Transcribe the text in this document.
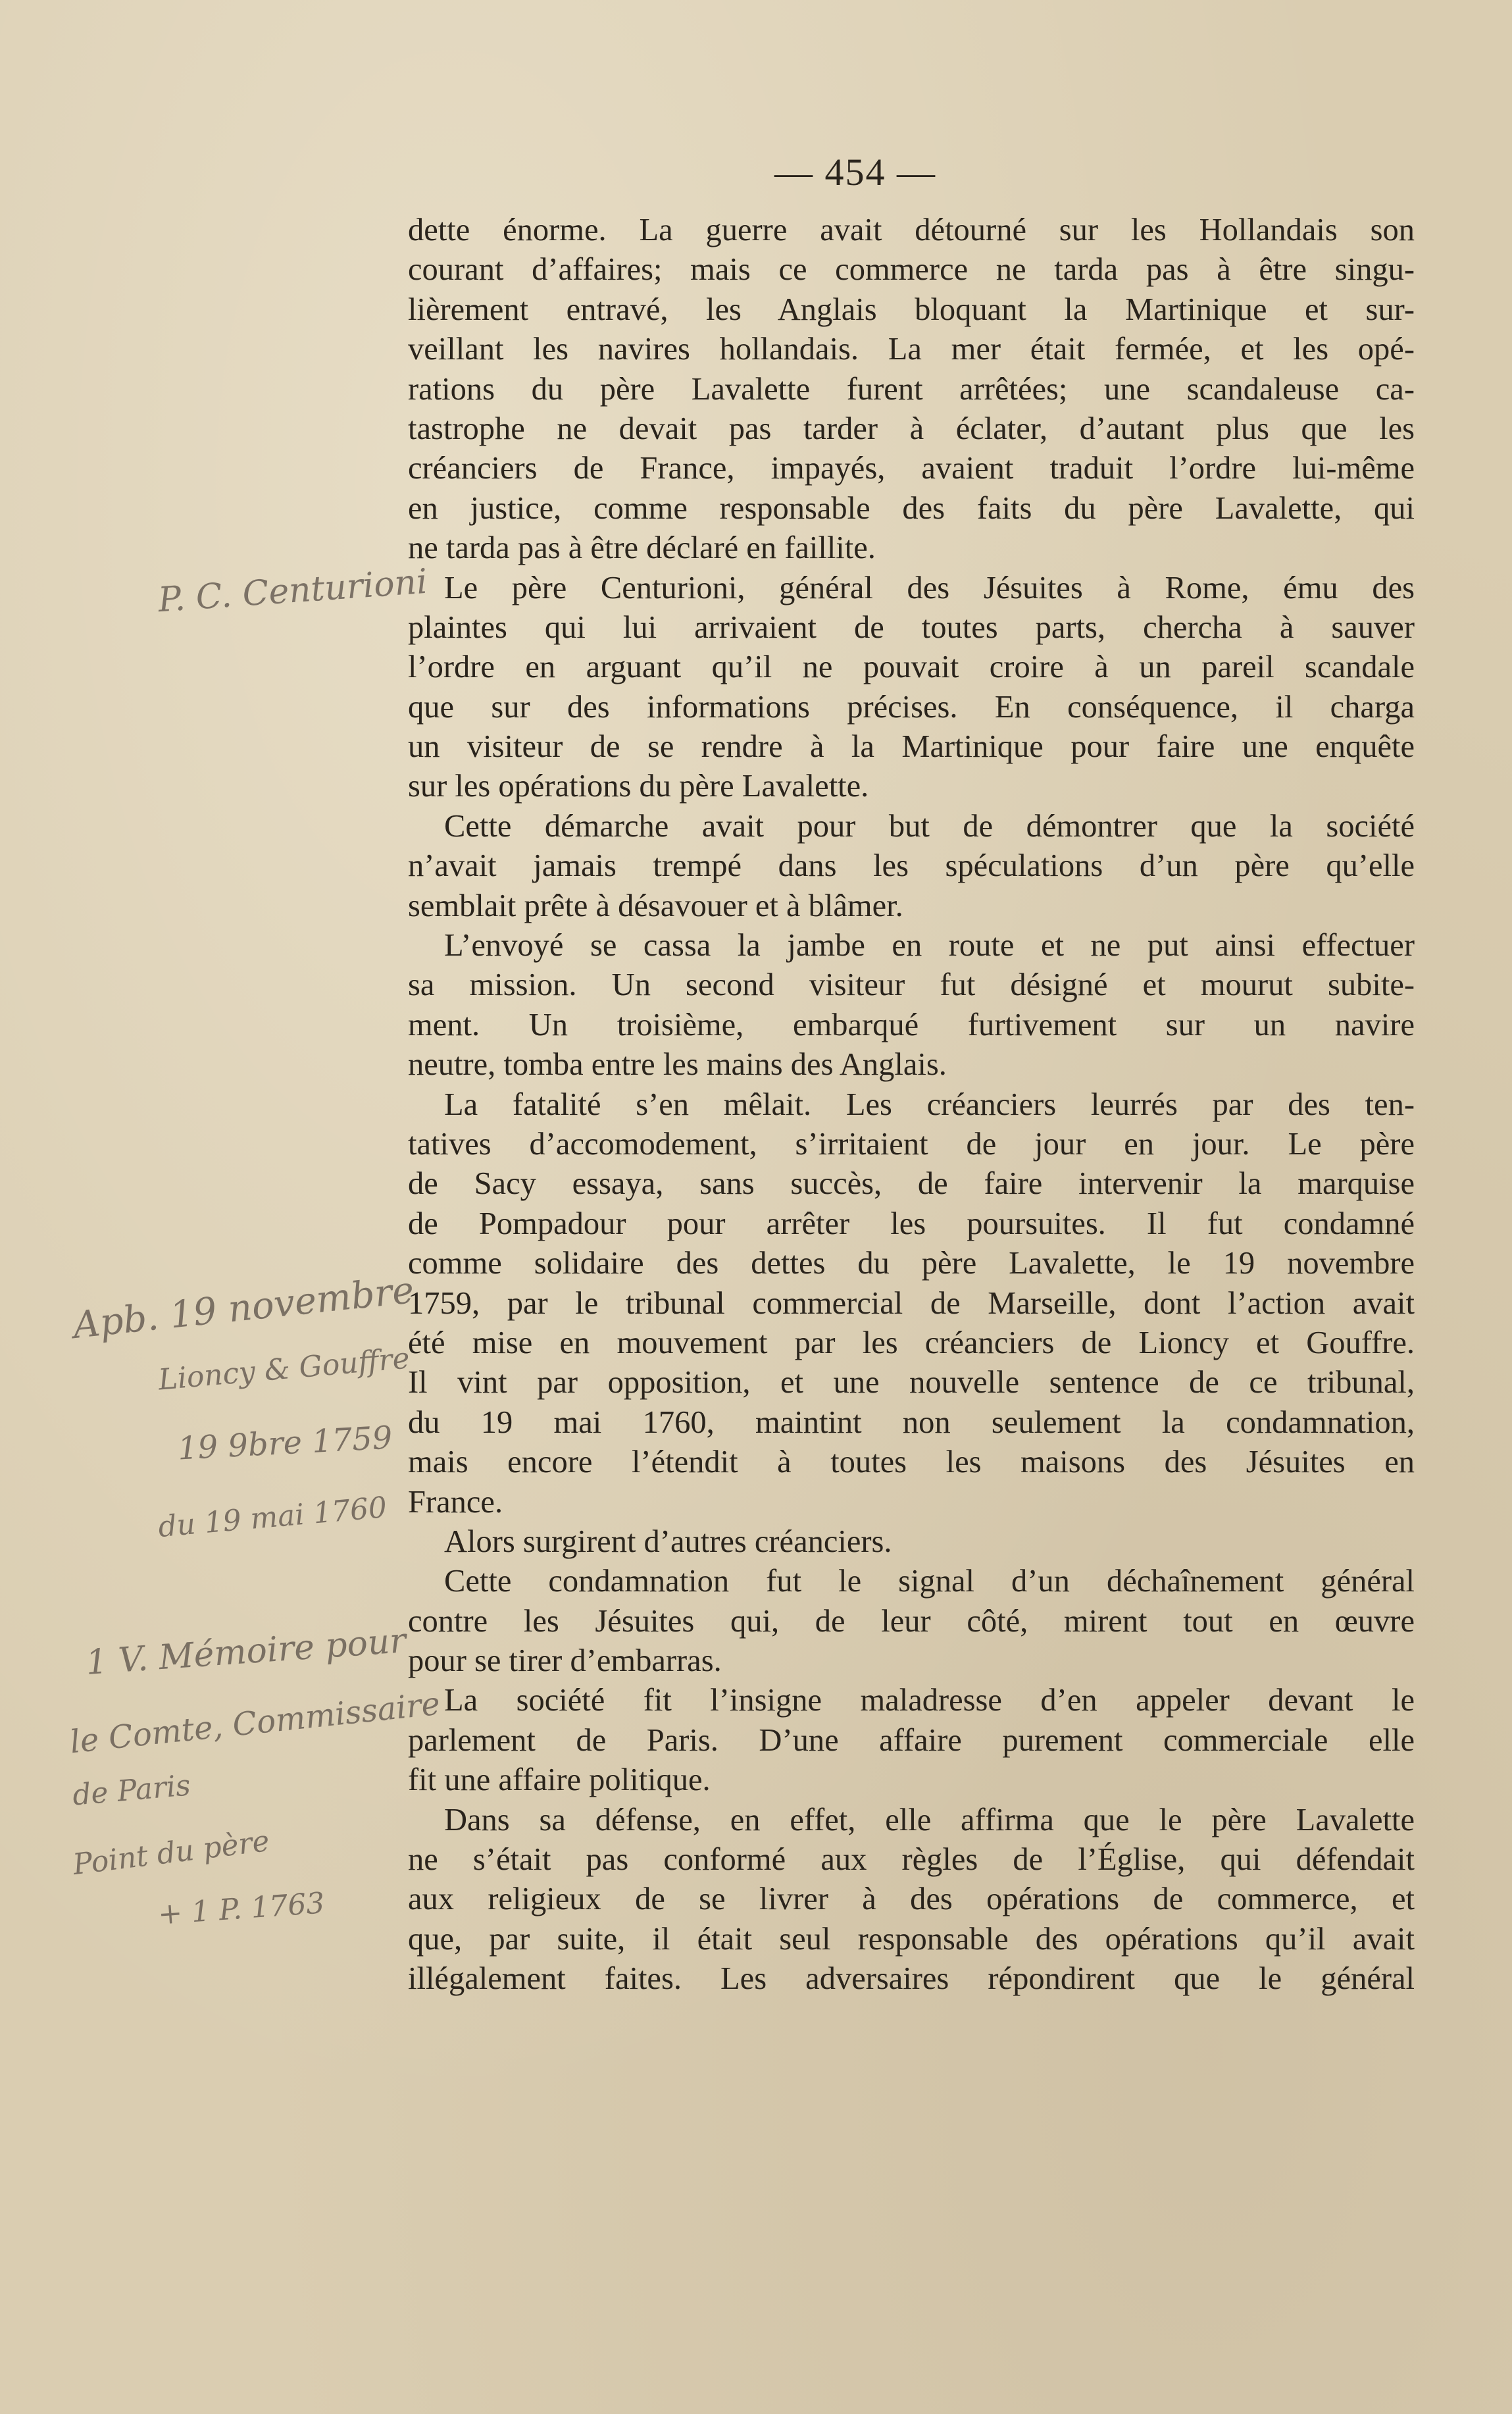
— 454 —
dette énorme. La guerre avait détourné sur les Hollandais son
courant d’affaires; mais ce commerce ne tarda pas à être singu-
lièrement entravé, les Anglais bloquant la Martinique et sur-
veillant les navires hollandais. La mer était fermée, et les opé-
rations du père Lavalette furent arrêtées; une scandaleuse ca-
tastrophe ne devait pas tarder à éclater, d’autant plus que les
créanciers de France, impayés, avaient traduit l’ordre lui-même
en justice, comme responsable des faits du père Lavalette, qui
ne tarda pas à être déclaré en faillite.
Le père Centurioni, général des Jésuites à Rome, ému des
plaintes qui lui arrivaient de toutes parts, chercha à sauver
l’ordre en arguant qu’il ne pouvait croire à un pareil scandale
que sur des informations précises. En conséquence, il charga
un visiteur de se rendre à la Martinique pour faire une enquête
sur les opérations du père Lavalette.
Cette démarche avait pour but de démontrer que la société
n’avait jamais trempé dans les spéculations d’un père qu’elle
semblait prête à désavouer et à blâmer.
L’envoyé se cassa la jambe en route et ne put ainsi effectuer
sa mission. Un second visiteur fut désigné et mourut subite-
ment. Un troisième, embarqué furtivement sur un navire
neutre, tomba entre les mains des Anglais.
La fatalité s’en mêlait. Les créanciers leurrés par des ten-
tatives d’accomodement, s’irritaient de jour en jour. Le père
de Sacy essaya, sans succès, de faire intervenir la marquise
de Pompadour pour arrêter les poursuites. Il fut condamné
comme solidaire des dettes du père Lavalette, le 19 novembre
1759, par le tribunal commercial de Marseille, dont l’action avait
été mise en mouvement par les créanciers de Lioncy et Gouffre.
Il vint par opposition, et une nouvelle sentence de ce tribunal,
du 19 mai 1760, maintint non seulement la condamnation,
mais encore l’étendit à toutes les maisons des Jésuites en
France.
Alors surgirent d’autres créanciers.
Cette condamnation fut le signal d’un déchaînement général
contre les Jésuites qui, de leur côté, mirent tout en œuvre
pour se tirer d’embarras.
La société fit l’insigne maladresse d’en appeler devant le
parlement de Paris. D’une affaire purement commerciale elle
fit une affaire politique.
Dans sa défense, en effet, elle affirma que le père Lavalette
ne s’était pas conformé aux règles de l’Église, qui défendait
aux religieux de se livrer à des opérations de commerce, et
que, par suite, il était seul responsable des opérations qu’il avait
illégalement faites. Les adversaires répondirent que le général
P. C. Centurioni
Apb. 19 novembre
Lioncy & Gouffre
19 9bre 1759
du 19 mai 1760
1 V. Mémoire pour
le Comte, Commissaire
de Paris
Point du père
+ 1 P. 1763
